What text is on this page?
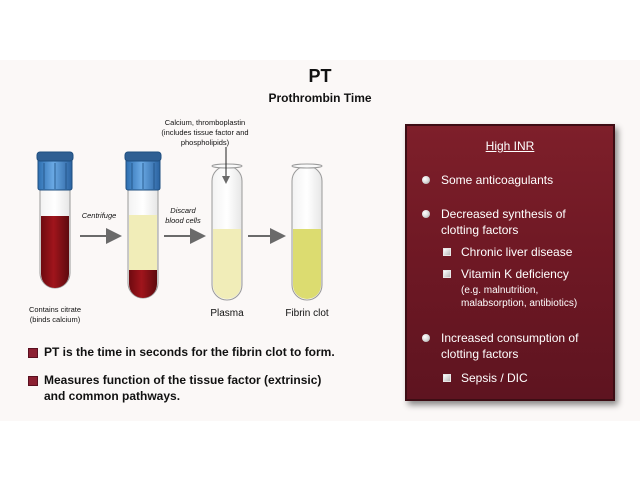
PT
Prothrombin Time
Calcium, thromboplastin
(includes tissue factor and
phospholipids)
Centrifuge
Discard
blood cells
Contains citrate
(binds calcium)
Plasma	Fibrin clot
PT is the time in seconds for the fibrin clot to form.
Measures function of the tissue factor (extrinsic)
and common pathways.
High INR
Some anticoagulants
Decreased synthesis of
clotting factors
Chronic liver disease
Vitamin K deficiency
(e.g. malnutrition,
malabsorption, antibiotics)
Increased consumption of
clotting factors
Sepsis / DIC
